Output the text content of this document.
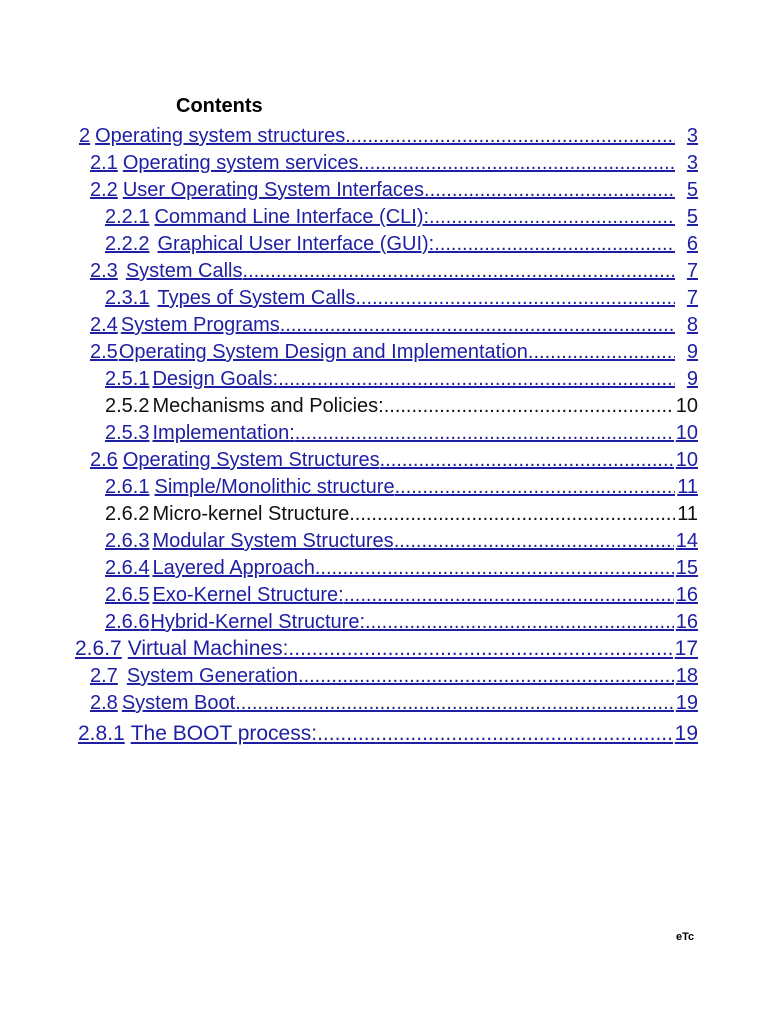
Contents
2 Operating system structures .....	3
2.1 Operating system services .....	3
2.2 User Operating System Interfaces .....	5
2.2.1 Command Line Interface (CLI): .....	5
2.2.2 Graphical User Interface (GUI): .....	6
2.3 System Calls .....	7
2.3.1 Types of System Calls .....	7
2.4 System Programs .....	8
2.5 Operating System Design and Implementation .....	9
2.5.1 Design Goals: .....	9
2.5.2 Mechanisms and Policies: .....	10
2.5.3 Implementation: .....	10
2.6 Operating System Structures .....	10
2.6.1 Simple/Monolithic structure .....	11
2.6.2 Micro-kernel Structure .....	11
2.6.3 Modular System Structures .....	14
2.6.4 Layered Approach .....	15
2.6.5 Exo-Kernel Structure: .....	16
2.6.6 Hybrid-Kernel Structure: .....	16
2.6.7 Virtual Machines: .....	17
2.7 System Generation .....	18
2.8 System Boot .....	19
2.8.1 The BOOT process: .....	19
eTc
